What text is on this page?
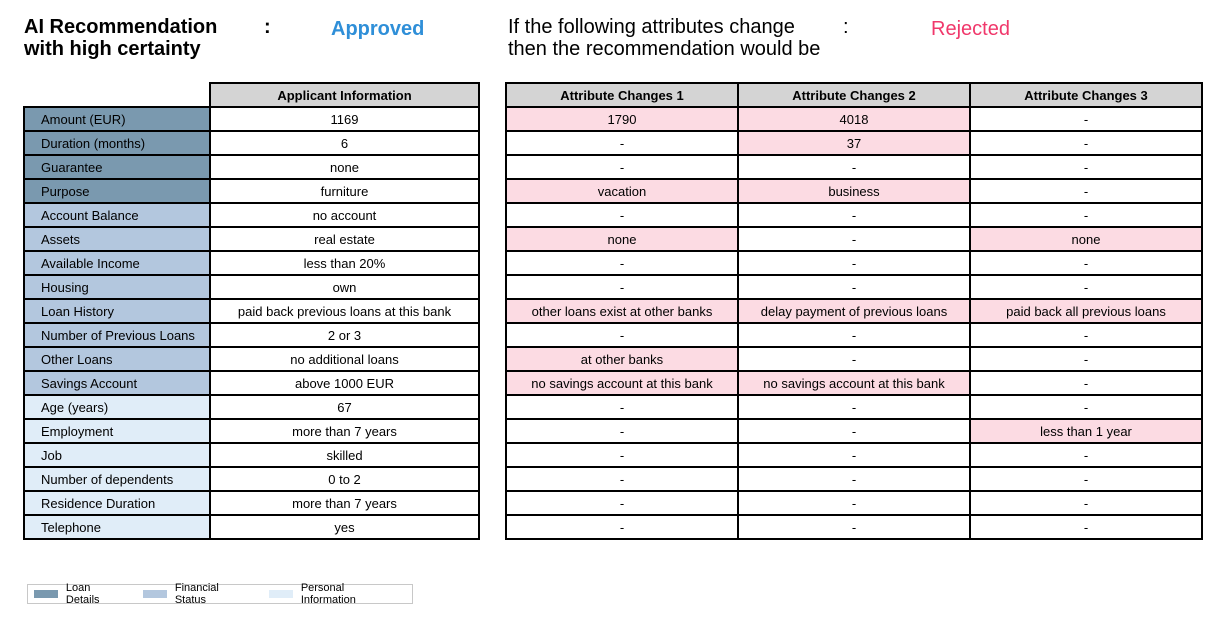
AI Recommendation
with high certainty
:	Approved	If the following attributes change
then the recommendation would be
:	Rejected
	Applicant Information
Amount (EUR)	1169
Duration (months)	6
Guarantee	none
Purpose	furniture
Account Balance	no account
Assets	real estate
Available Income	less than 20%
Housing	own
Loan History	paid back previous loans at this bank
Number of Previous Loans	2 or 3
Other Loans	no additional loans
Savings Account	above 1000 EUR
Age (years)	67
Employment	more than 7 years
Job	skilled
Number of dependents	0 to 2
Residence Duration	more than 7 years
Telephone	yes
Attribute Changes 1	Attribute Changes 2	Attribute Changes 3
1790	4018	-
-	37	-
-	-	-
vacation	business	-
-	-	-
none	-	none
-	-	-
-	-	-
other loans exist at other banks	delay payment of previous loans	paid back all previous loans
-	-	-
at other banks	-	-
no savings account at this bank	no savings account at this bank	-
-	-	-
-	-	less than 1 year
-	-	-
-	-	-
-	-	-
-	-	-
Loan Details
Financial Status
Personal Information
